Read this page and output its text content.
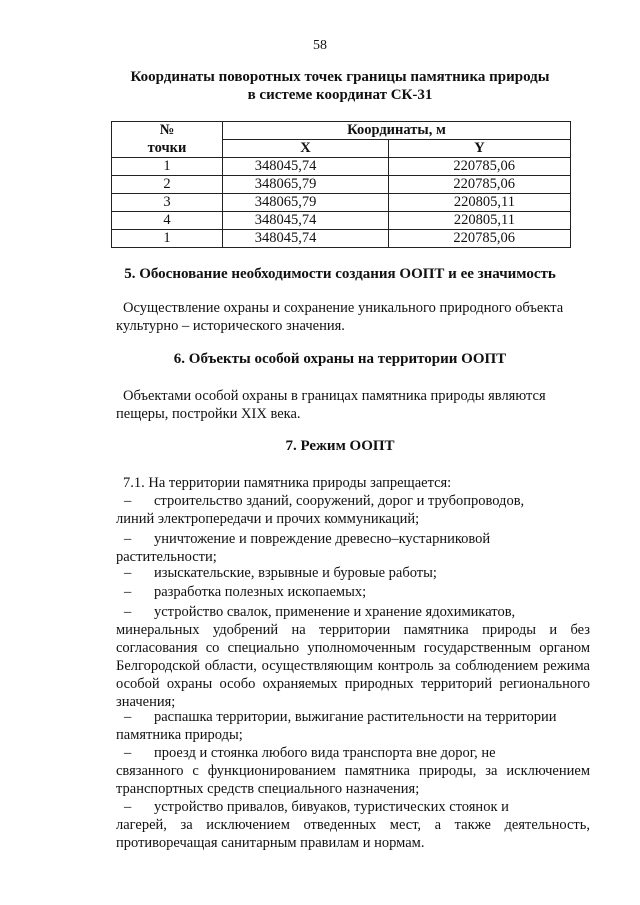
58
Координаты поворотных точек границы памятника природы
в системе координат СК-31
№	Координаты, м	
точки	X	Y
1	348045,74	220785,06
2	348065,79	220785,06
3	348065,79	220805,11
4	348045,74	220805,11
1	348045,74	220785,06
5. Обоснование необходимости создания ООПТ и ее значимость
Осуществление охраны и сохранение уникального природного объекта
культурно – исторического значения.
6. Объекты особой охраны на территории ООПТ
Объектами особой охраны в границах памятника природы являются
пещеры, постройки XIX века.
7. Режим ООПТ
7.1. На территории памятника природы запрещается:
–	строительство зданий, сооружений, дорог и трубопроводов,
линий электропередачи и прочих коммуникаций;
–	уничтожение и повреждение древесно–кустарниковой
растительности;
–	изыскательские, взрывные и буровые работы;
–	разработка полезных ископаемых;
–	устройство свалок, применение и хранение ядохимикатов,
минеральных удобрений на территории памятника природы и без согласования со специально уполномоченным государственным органом Белгородской области, осуществляющим контроль за соблюдением режима особой охраны особо охраняемых природных территорий регионального значения;
–	распашка территории, выжигание растительности на территории
памятника природы;
–	проезд и стоянка любого вида транспорта вне дорог, не
связанного с функционированием памятника природы, за исключением транспортных средств специального назначения;
–	устройство привалов, бивуаков, туристических стоянок и
лагерей, за исключением отведенных мест, а также деятельность, противоречащая санитарным правилам и нормам.
